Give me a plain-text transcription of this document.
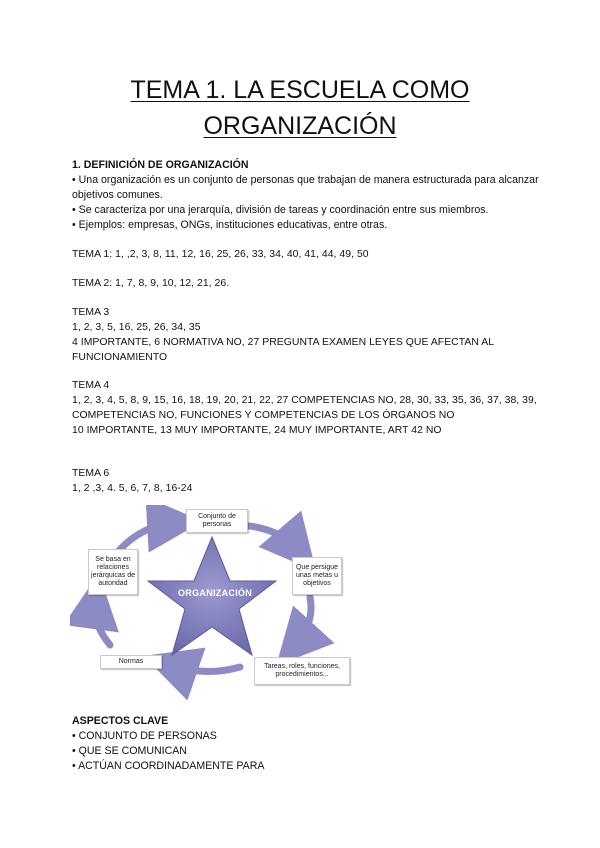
TEMA 1. LA ESCUELA COMO
ORGANIZACIÓN
1. DEFINICIÓN DE ORGANIZACIÓN
• Una organización es un conjunto de personas que trabajan de manera estructurada para alcanzar objetivos comunes.
• Se caracteriza por una jerarquía, división de tareas y coordinación entre sus miembros.
• Ejemplos: empresas, ONGs, instituciones educativas, entre otras.
TEMA 1: 1, ,2, 3, 8, 11, 12, 16, 25, 26, 33, 34, 40, 41, 44, 49, 50
TEMA 2: 1, 7, 8, 9, 10, 12, 21, 26.
TEMA 3
1, 2, 3, 5, 16, 25, 26, 34, 35
4 IMPORTANTE, 6 NORMATIVA NO, 27 PREGUNTA EXAMEN LEYES QUE AFECTAN AL FUNCIONAMIENTO
TEMA 4
1, 2, 3, 4, 5, 8, 9, 15, 16, 18, 19, 20, 21, 22, 27 COMPETENCIAS NO, 28, 30, 33, 35, 36, 37, 38, 39,
COMPETENCIAS NO, FUNCIONES Y COMPETENCIAS DE LOS ÓRGANOS NO
10 IMPORTANTE, 13 MUY IMPORTANTE, 24 MUY IMPORTANTE, ART 42 NO
TEMA 6
1, 2 ,3, 4. 5, 6, 7, 8, 16-24
ORGANIZACIÓN
Conjunto de personas
Que persigue unas metas u objetivos
Tareas, roles, funciones, procedimientos...
Normas
Se basa en relaciones jerárquicas de autoridad
ASPECTOS CLAVE
• CONJUNTO DE PERSONAS
• QUE SE COMUNICAN
• ACTÚAN COORDINADAMENTE PARA
